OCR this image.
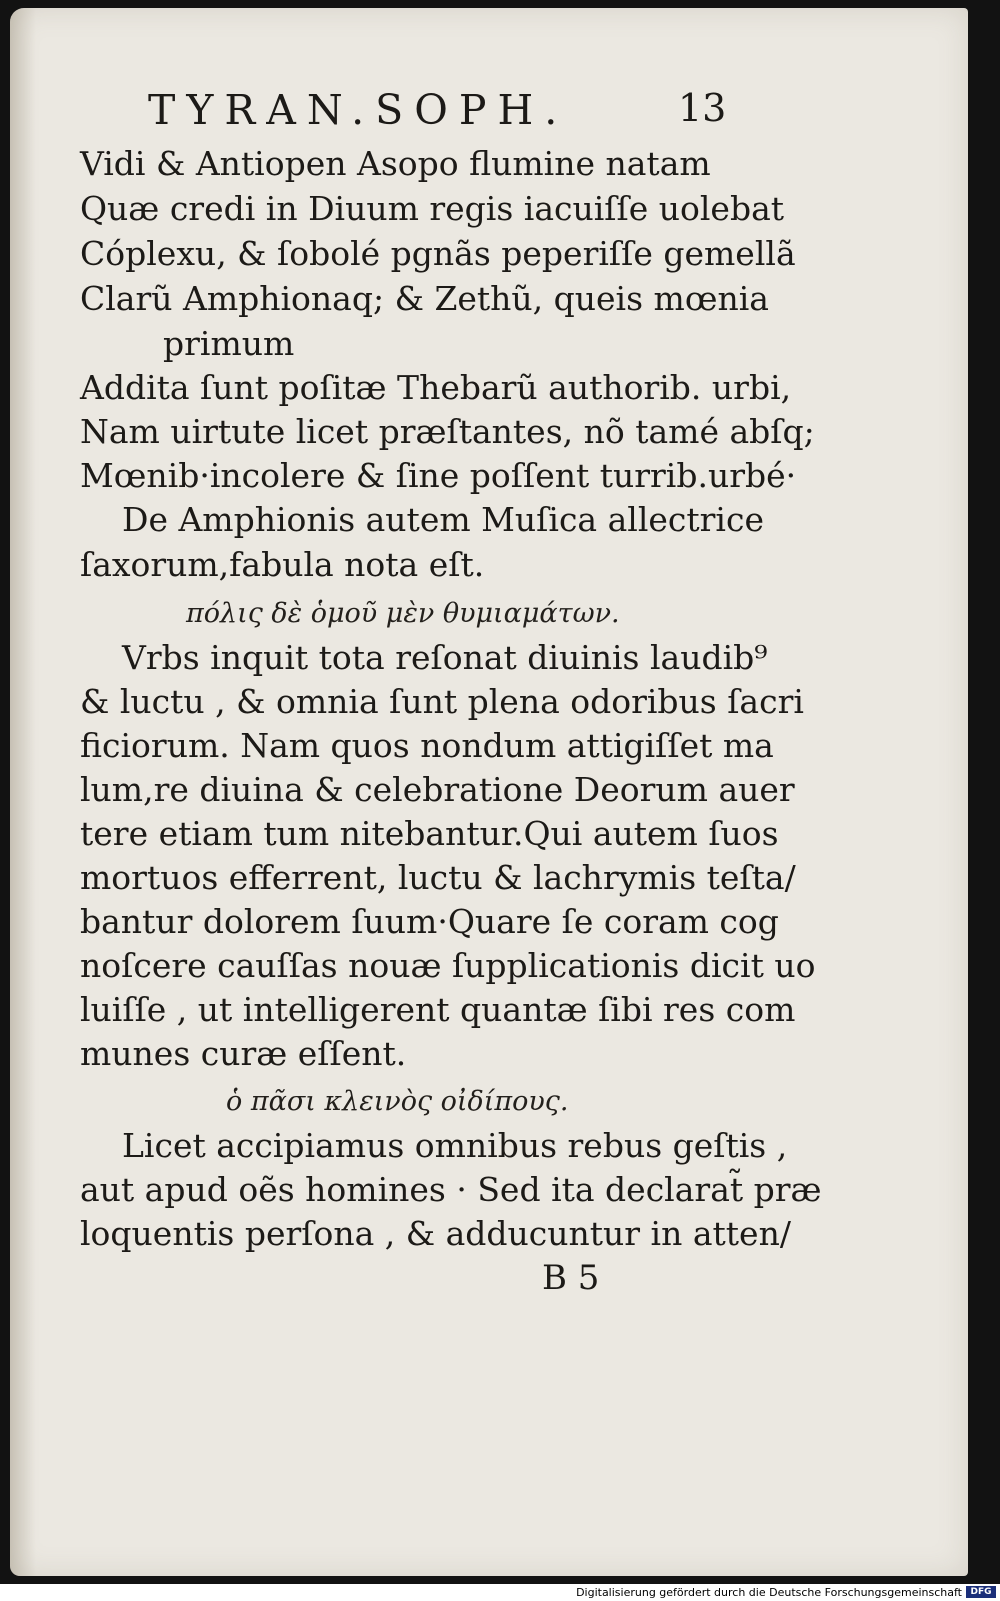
TYRAN.SOPH.	13
Vidi & Antiopen Asopo flumine natam
Quæ credi in Diuum regis iacuiſſe uolebat
Cóplexu, & ſobolé pgnãs peperiſſe gemellã
Clarũ Amphionaq; & Zethũ, queis mœnia
primum
Addita ſunt poſitæ Thebarũ authorib. urbi,
Nam uirtute licet præſtantes, nõ tamé abſq;
Mœnib·incolere & ſine poſſent turrib.urbé·
De Amphionis autem Muſica allectrice
ſaxorum,fabula nota eſt.
πόλις δὲ ὁμοῦ μὲν θυμιαμάτων.
Vrbs inquit tota reſonat diuinis laudib⁹
& luctu , & omnia ſunt plena odoribus ſacri
ficiorum. Nam quos nondum attigiſſet ma
lum,re diuina & celebratione Deorum auer
tere etiam tum nitebantur.Qui autem ſuos
mortuos efferrent, luctu & lachrymis teſta/
bantur dolorem ſuum·Quare ſe coram cog
noſcere cauſſas nouæ ſupplicationis dicit uo
luiſſe , ut intelligerent quantæ ſibi res com
munes curæ eſſent.
ὁ πᾶσι κλεινὸς οἰδίπους.
Licet accipiamus omnibus rebus geſtis ,
aut apud oẽs homines · Sed ita declarat̃ præ
loquentis perſona , & adducuntur in atten/
B 5
Digitalisierung gefördert durch die Deutsche Forschungsgemeinschaft DFG
